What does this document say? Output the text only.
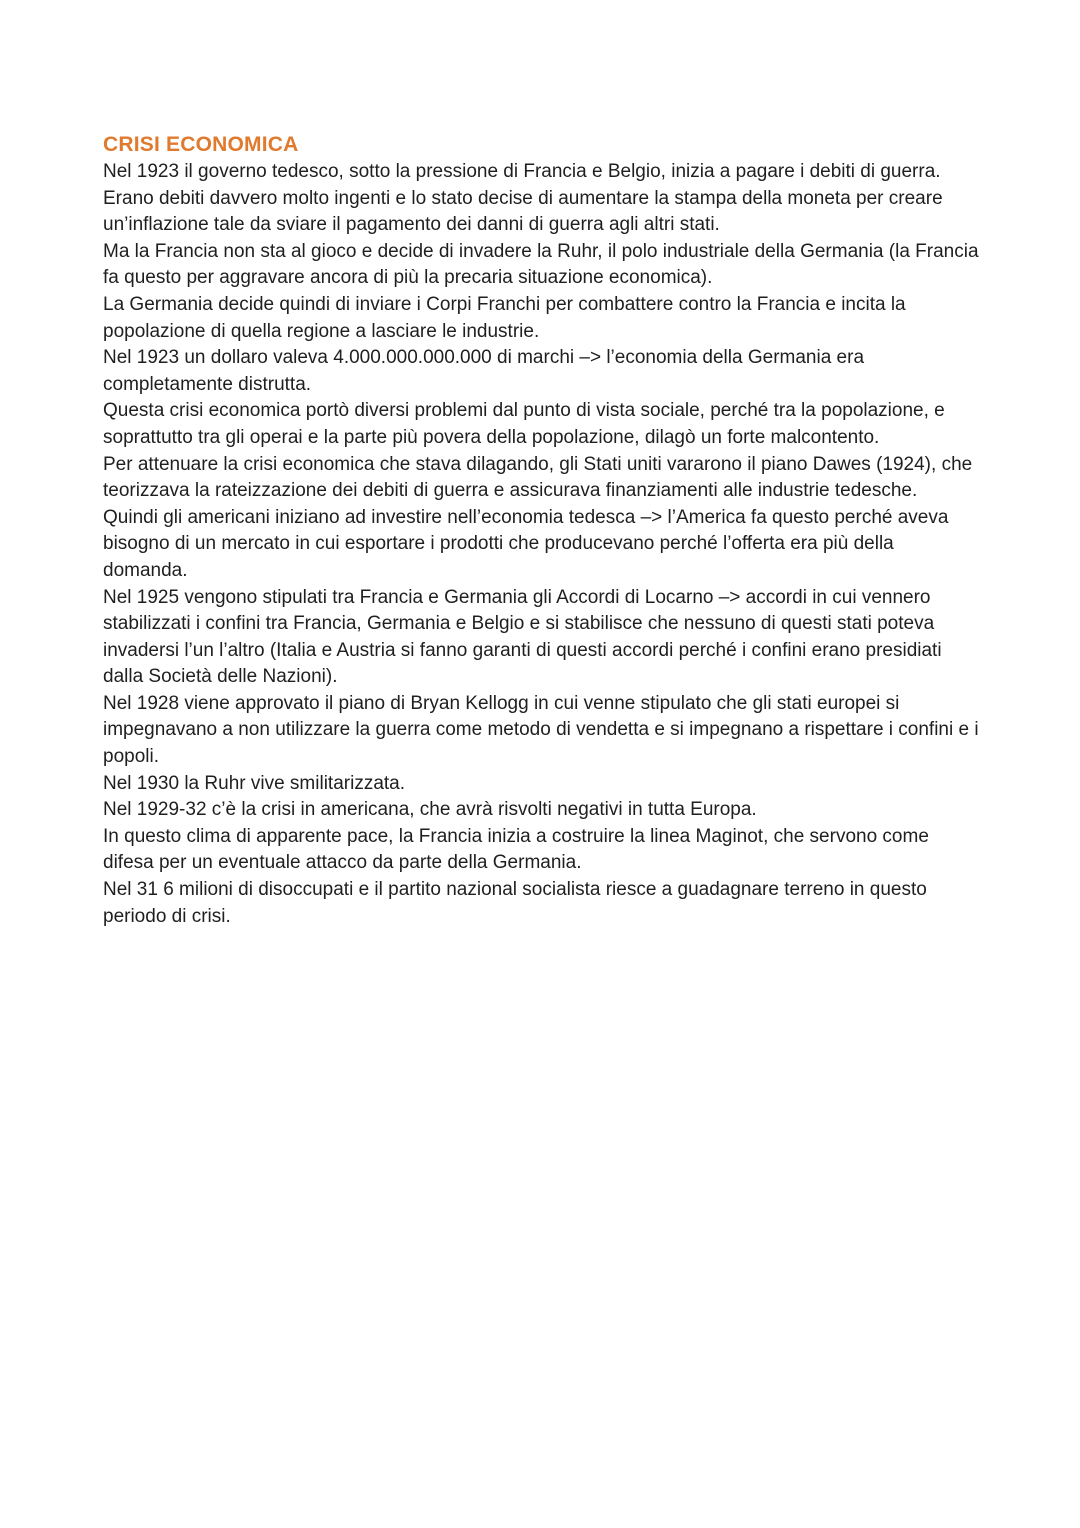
CRISI ECONOMICA

Nel 1923 il governo tedesco, sotto la pressione di Francia e Belgio, inizia a pagare i debiti di guerra. Erano debiti davvero molto ingenti e lo stato decise di aumentare la stampa della moneta per creare un’inflazione tale da sviare il pagamento dei danni di guerra agli altri stati.

Ma la Francia non sta al gioco e decide di invadere la Ruhr, il polo industriale della Germania (la Francia fa questo per aggravare ancora di più la precaria situazione economica).

La Germania decide quindi di inviare i Corpi Franchi per combattere contro la Francia e incita la popolazione di quella regione a lasciare le industrie.

Nel 1923 un dollaro valeva 4.000.000.000.000 di marchi –> l’economia della Germania era completamente distrutta.

Questa crisi economica portò diversi problemi dal punto di vista sociale, perché tra la popolazione, e soprattutto tra gli operai e la parte più povera della popolazione, dilagò un forte malcontento.

Per attenuare la crisi economica che stava dilagando, gli Stati uniti vararono il piano Dawes (1924), che teorizzava la rateizzazione dei debiti di guerra e assicurava finanziamenti alle industrie tedesche.

Quindi gli americani iniziano ad investire nell’economia tedesca –> l’America fa questo perché aveva bisogno di un mercato in cui esportare i prodotti che producevano perché l’offerta era più della domanda.

Nel 1925 vengono stipulati tra Francia e Germania gli Accordi di Locarno –> accordi in cui vennero stabilizzati i confini tra Francia, Germania e Belgio e si stabilisce che nessuno di questi stati poteva invadersi l’un l’altro (Italia e Austria si fanno garanti di questi accordi perché i confini erano presidiati dalla Società delle Nazioni).

Nel 1928 viene approvato il piano di Bryan Kellogg in cui venne stipulato che gli stati europei si impegnavano a non utilizzare la guerra come metodo di vendetta e si impegnano a rispettare i confini e i popoli.

Nel 1930 la Ruhr vive smilitarizzata.

Nel 1929-32 c’è la crisi in americana, che avrà risvolti negativi in tutta Europa.

In questo clima di apparente pace, la Francia inizia a costruire la linea Maginot, che servono come difesa per un eventuale attacco da parte della Germania.

Nel 31 6 milioni di disoccupati e il partito nazional socialista riesce a guadagnare terreno in questo periodo di crisi.
